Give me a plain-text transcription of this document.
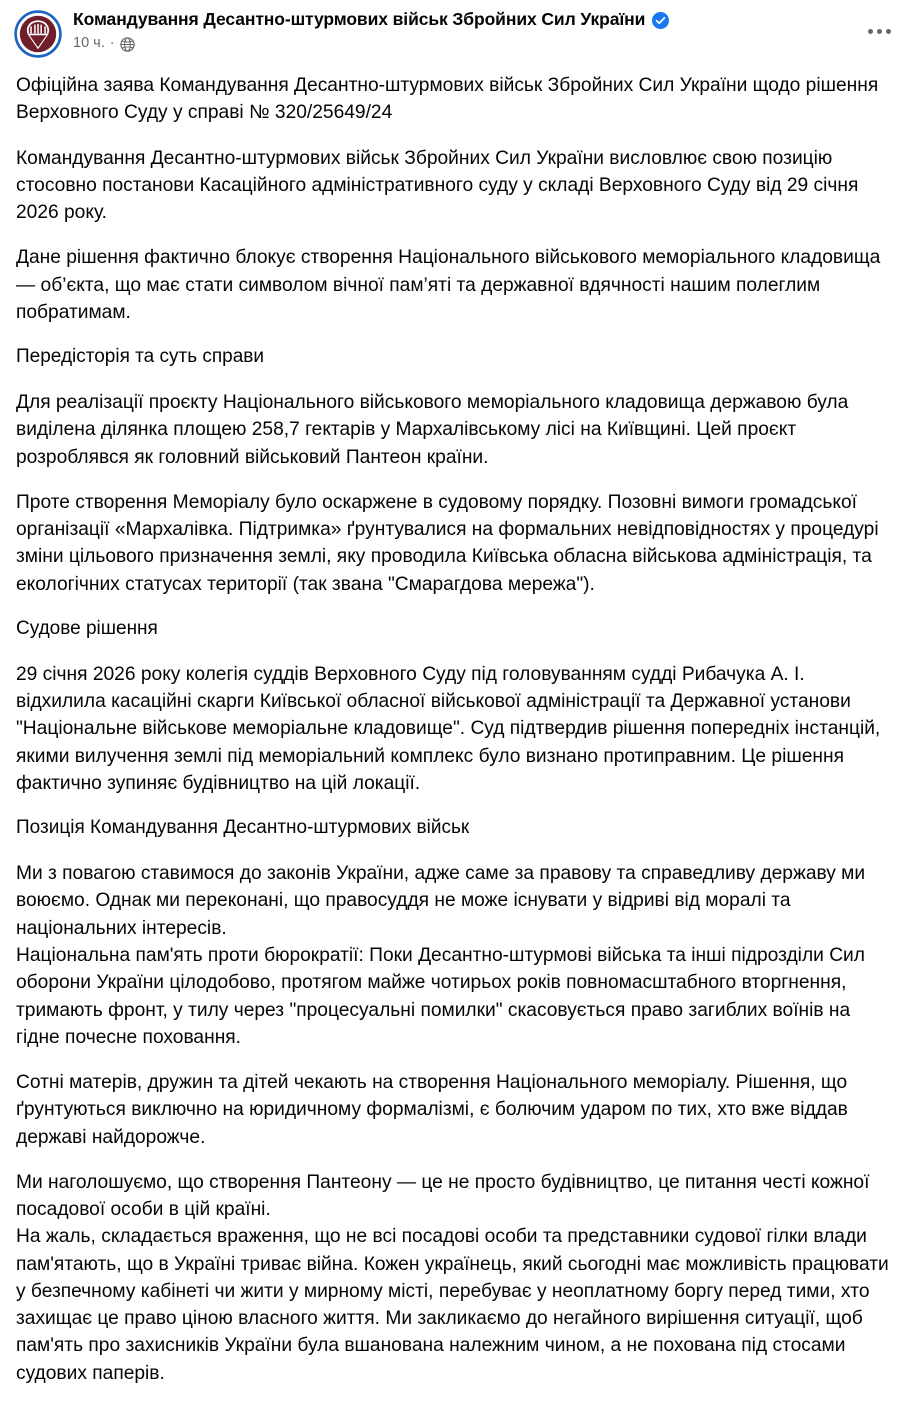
Командування Десантно-штурмових військ Збройних Сил України
10 ч. ·

Офіційна заява Командування Десантно-штурмових військ Збройних Сил України щодо рішення Верховного Суду у справі № 320/25649/24

Командування Десантно-штурмових військ Збройних Сил України висловлює свою позицію стосовно постанови Касаційного адміністративного суду у складі Верховного Суду від 29 січня 2026 року.

Дане рішення фактично блокує створення Національного військового меморіального кладовища — об’єкта, що має стати символом вічної пам’яті та державної вдячності нашим полеглим побратимам.

Передісторія та суть справи

Для реалізації проєкту Національного військового меморіального кладовища державою була виділена ділянка площею 258,7 гектарів у Мархалівському лісі на Київщині. Цей проєкт розроблявся як головний військовий Пантеон країни.

Проте створення Меморіалу було оскаржене в судовому порядку. Позовні вимоги громадської організації «Мархалівка. Підтримка» ґрунтувалися на формальних невідповідностях у процедурі зміни цільового призначення землі, яку проводила Київська обласна військова адміністрація, та екологічних статусах території (так звана "Смарагдова мережа").

Судове рішення

29 січня 2026 року колегія суддів Верховного Суду під головуванням судді Рибачука А. І. відхилила касаційні скарги Київської обласної військової адміністрації та Державної установи "Національне військове меморіальне кладовище". Суд підтвердив рішення попередніх інстанцій, якими вилучення землі під меморіальний комплекс було визнано протиправним. Це рішення фактично зупиняє будівництво на цій локації.

Позиція Командування Десантно-штурмових військ

Ми з повагою ставимося до законів України, адже саме за правову та справедливу державу ми воюємо. Однак ми переконані, що правосуддя не може існувати у відриві від моралі та національних інтересів.

Національна пам'ять проти бюрократії: Поки Десантно-штурмові війська та інші підрозділи Сил оборони України цілодобово, протягом майже чотирьох років повномасштабного вторгнення, тримають фронт, у тилу через "процесуальні помилки" скасовується право загиблих воїнів на гідне почесне поховання.

Сотні матерів, дружин та дітей чекають на створення Національного меморіалу. Рішення, що ґрунтуються виключно на юридичному формалізмі, є болючим ударом по тих, хто вже віддав державі найдорожче.

Ми наголошуємо, що створення Пантеону — це не просто будівництво, це питання честі кожної посадової особи в цій країні.

На жаль, складається враження, що не всі посадові особи та представники судової гілки влади пам'ятають, що в Україні триває війна. Кожен українець, який сьогодні має можливість працювати у безпечному кабінеті чи жити у мирному місті, перебуває у неоплатному боргу перед тими, хто захищає це право ціною власного життя. Ми закликаємо до негайного вирішення ситуації, щоб пам'ять про захисників України була вшанована належним чином, а не похована під стосами судових паперів.
